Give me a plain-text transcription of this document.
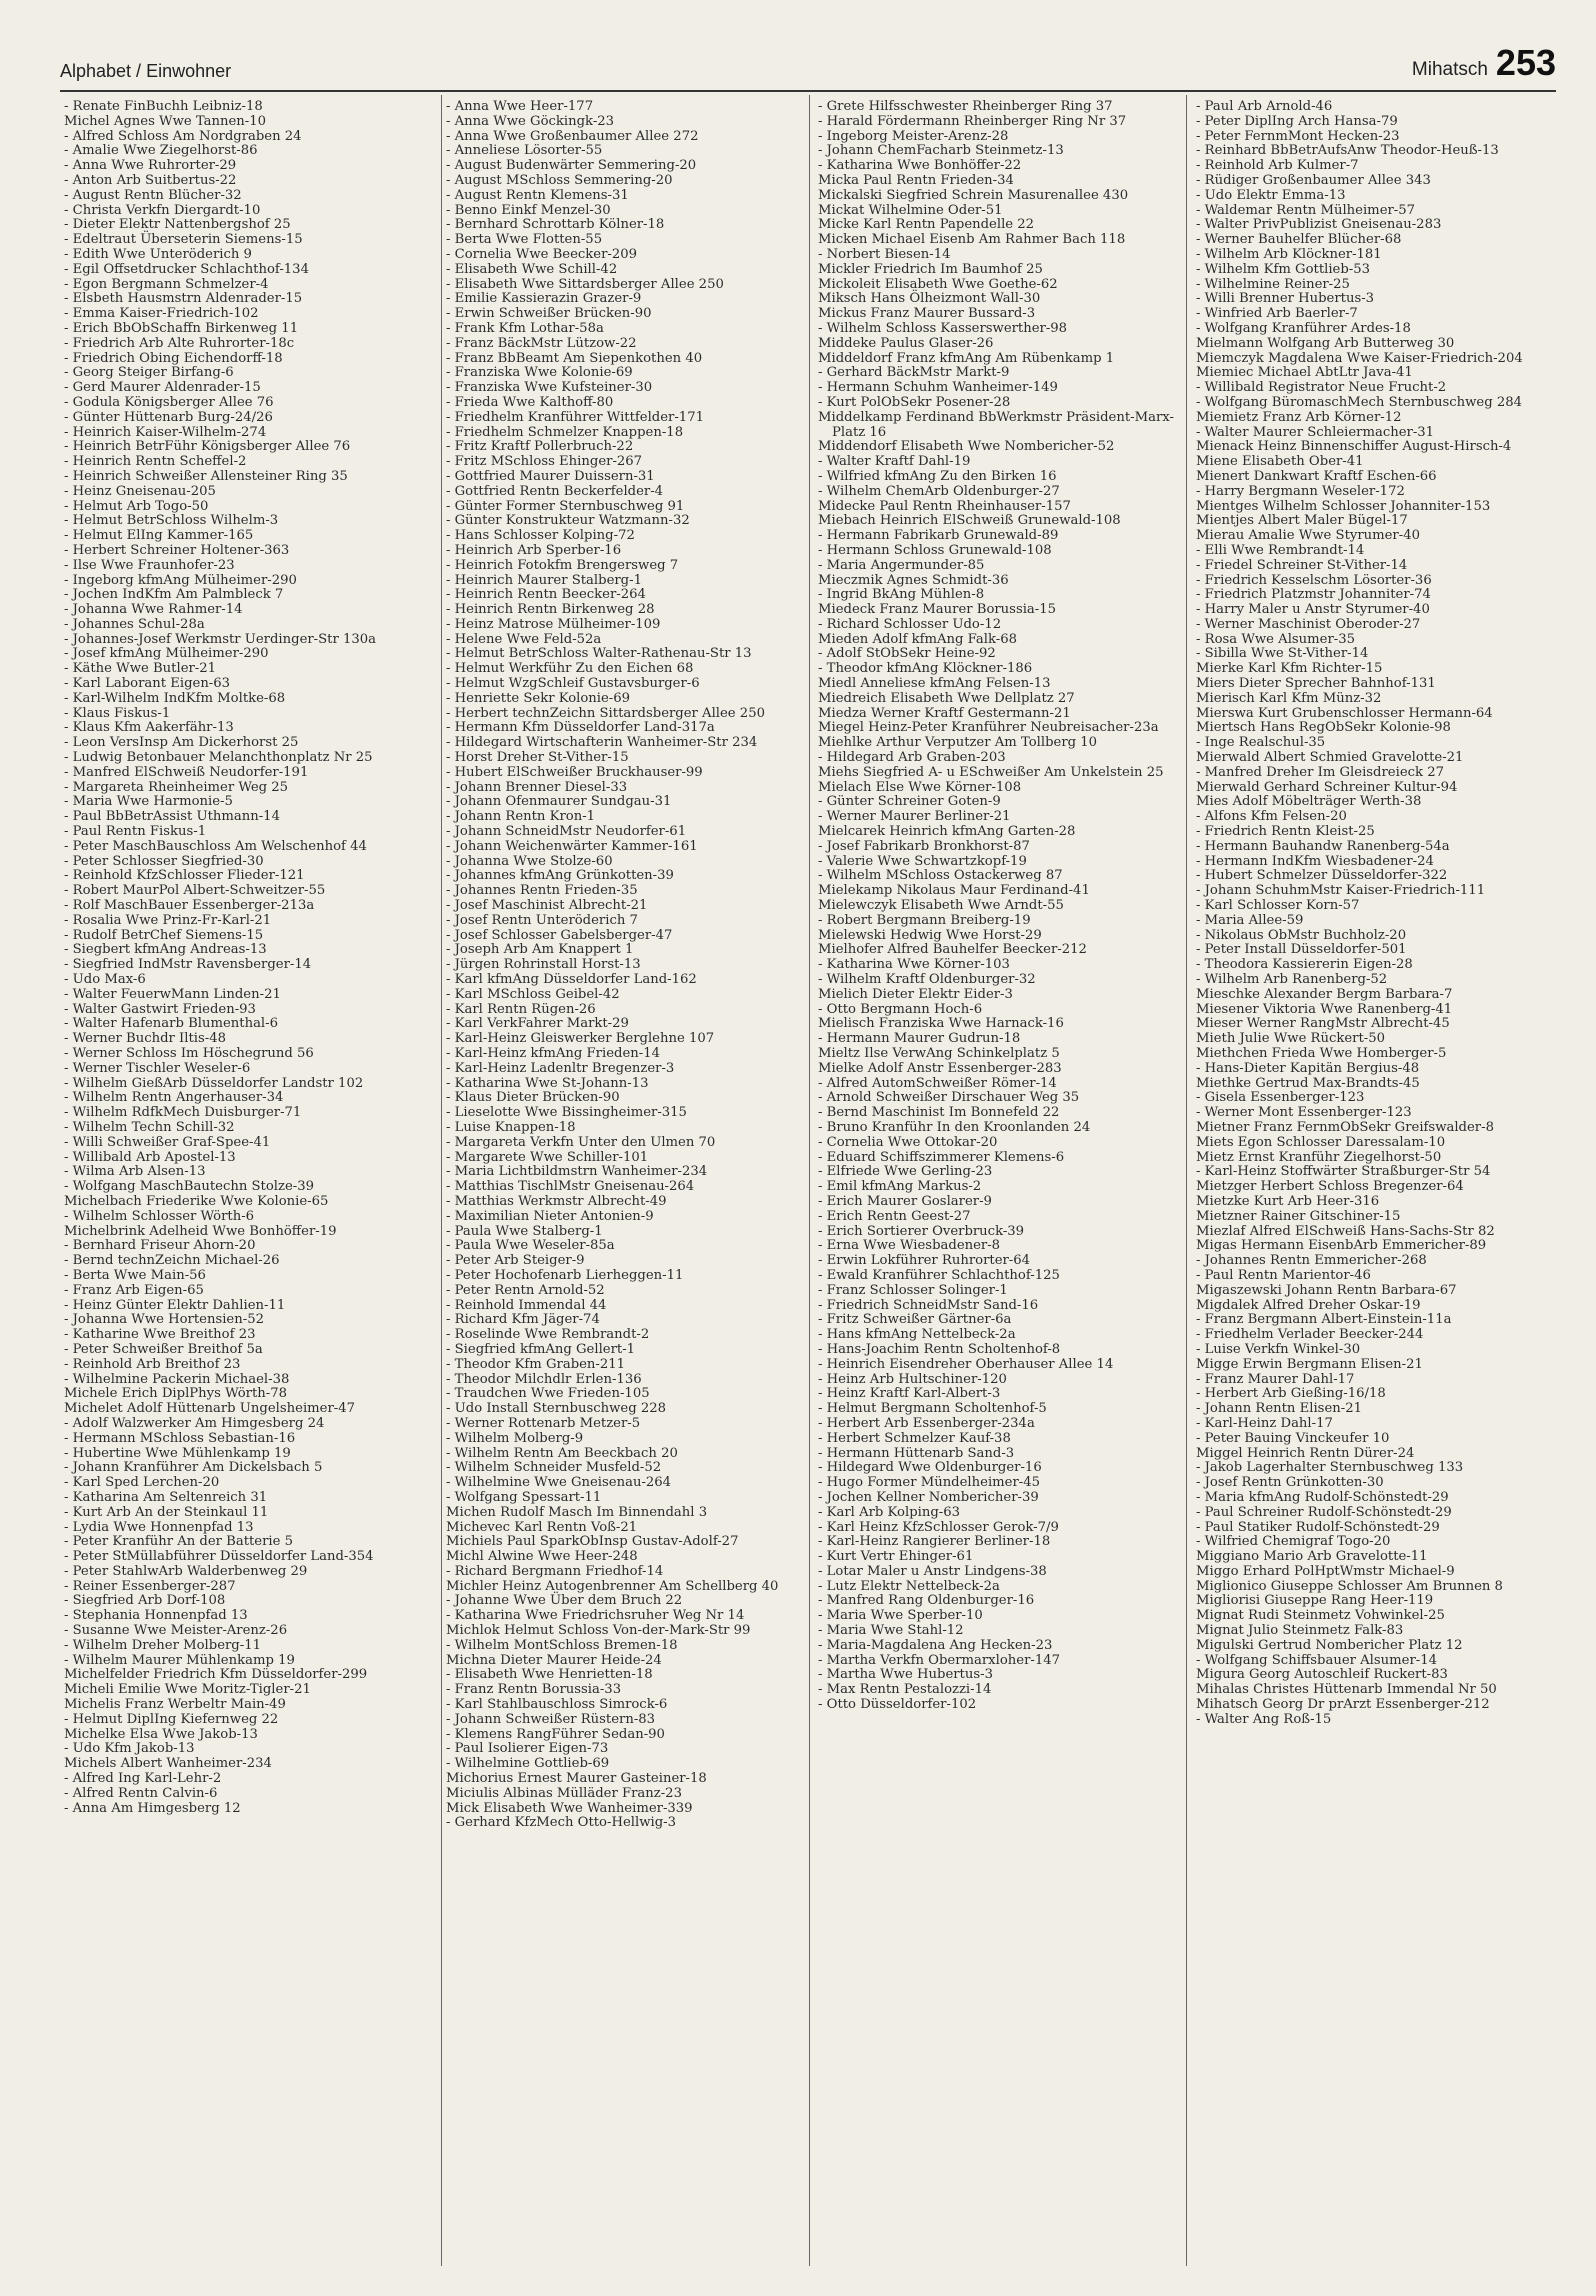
Alphabet / Einwohner	Mihatsch 253
- Renate FinBuchh Leibniz-18
Michel Agnes Wwe Tannen-10
- Alfred Schloss Am Nordgraben 24
- Amalie Wwe Ziegelhorst-86
- Anna Wwe Ruhrorter-29
- Anton Arb Suitbertus-22
- August Rentn Blücher-32
- Christa Verkfn Diergardt-10
- Dieter Elektr Nattenbergshof 25
- Edeltraut Überseterin Siemens-15
- Edith Wwe Unteröderich 9
- Egil Offsetdrucker Schlachthof-134
- Egon Bergmann Schmelzer-4
- Elsbeth Hausmstrn Aldenrader-15
- Emma Kaiser-Friedrich-102
- Erich BbObSchaffn Birkenweg 11
- Friedrich Arb Alte Ruhrorter-18c
- Friedrich Obing Eichendorff-18
- Georg Steiger Birfang-6
- Gerd Maurer Aldenrader-15
- Godula Königsberger Allee 76
- Günter Hüttenarb Burg-24/26
- Heinrich Kaiser-Wilhelm-274
- Heinrich BetrFühr Königsberger Allee 76
- Heinrich Rentn Scheffel-2
- Heinrich Schweißer Allensteiner Ring 35
- Heinz Gneisenau-205
- Helmut Arb Togo-50
- Helmut BetrSchloss Wilhelm-3
- Helmut ElIng Kammer-165
- Herbert Schreiner Holtener-363
- Ilse Wwe Fraunhofer-23
- Ingeborg kfmAng Mülheimer-290
- Jochen IndKfm Am Palmbleck 7
- Johanna Wwe Rahmer-14
- Johannes Schul-28a
- Johannes-Josef Werkmstr Uerdinger-Str 130a
- Josef kfmAng Mülheimer-290
- Käthe Wwe Butler-21
- Karl Laborant Eigen-63
- Karl-Wilhelm IndKfm Moltke-68
- Klaus Fiskus-1
- Klaus Kfm Aakerfähr-13
- Leon VersInsp Am Dickerhorst 25
- Ludwig Betonbauer Melanchthonplatz Nr 25
- Manfred ElSchweiß Neudorfer-191
- Margareta Rheinheimer Weg 25
- Maria Wwe Harmonie-5
- Paul BbBetrAssist Uthmann-14
- Paul Rentn Fiskus-1
- Peter MaschBauschloss Am Welschenhof 44
- Peter Schlosser Siegfried-30
- Reinhold KfzSchlosser Flieder-121
- Robert MaurPol Albert-Schweitzer-55
- Rolf MaschBauer Essenberger-213a
- Rosalia Wwe Prinz-Fr-Karl-21
- Rudolf BetrChef Siemens-15
- Siegbert kfmAng Andreas-13
- Siegfried IndMstr Ravensberger-14
- Udo Max-6
- Walter FeuerwMann Linden-21
- Walter Gastwirt Frieden-93
- Walter Hafenarb Blumenthal-6
- Werner Buchdr Iltis-48
- Werner Schloss Im Höschegrund 56
- Werner Tischler Weseler-6
- Wilhelm GießArb Düsseldorfer Landstr 102
- Wilhelm Rentn Angerhauser-34
- Wilhelm RdfkMech Duisburger-71
- Wilhelm Techn Schill-32
- Willi Schweißer Graf-Spee-41
- Willibald Arb Apostel-13
- Wilma Arb Alsen-13
- Wolfgang MaschBautechn Stolze-39
Michelbach Friederike Wwe Kolonie-65
- Wilhelm Schlosser Wörth-6
Michelbrink Adelheid Wwe Bonhöffer-19
- Bernhard Friseur Ahorn-20
- Bernd technZeichn Michael-26
- Berta Wwe Main-56
- Franz Arb Eigen-65
- Heinz Günter Elektr Dahlien-11
- Johanna Wwe Hortensien-52
- Katharine Wwe Breithof 23
- Peter Schweißer Breithof 5a
- Reinhold Arb Breithof 23
- Wilhelmine Packerin Michael-38
Michele Erich DiplPhys Wörth-78
Michelet Adolf Hüttenarb Ungelsheimer-47
- Adolf Walzwerker Am Himgesberg 24
- Hermann MSchloss Sebastian-16
- Hubertine Wwe Mühlenkamp 19
- Johann Kranführer Am Dickelsbach 5
- Karl Sped Lerchen-20
- Katharina Am Seltenreich 31
- Kurt Arb An der Steinkaul 11
- Lydia Wwe Honnenpfad 13
- Peter Kranführ An der Batterie 5
- Peter StMüllabführer Düsseldorfer Land-354
- Peter StahlwArb Walderbenweg 29
- Reiner Essenberger-287
- Siegfried Arb Dorf-108
- Stephania Honnenpfad 13
- Susanne Wwe Meister-Arenz-26
- Wilhelm Dreher Molberg-11
- Wilhelm Maurer Mühlenkamp 19
Michelfelder Friedrich Kfm Düsseldorfer-299
Micheli Emilie Wwe Moritz-Tigler-21
Michelis Franz Werbeltr Main-49
- Helmut DiplIng Kiefernweg 22
Michelke Elsa Wwe Jakob-13
- Udo Kfm Jakob-13
Michels Albert Wanheimer-234
- Alfred Ing Karl-Lehr-2
- Alfred Rentn Calvin-6
- Anna Am Himgesberg 12
- Anna Wwe Heer-177
- Anna Wwe Göckingk-23
- Anna Wwe Großenbaumer Allee 272
- Anneliese Lösorter-55
- August Budenwärter Semmering-20
- August MSchloss Semmering-20
- August Rentn Klemens-31
- Benno Einkf Menzel-30
- Bernhard Schrottarb Kölner-18
- Berta Wwe Flotten-55
- Cornelia Wwe Beecker-209
- Elisabeth Wwe Schill-42
- Elisabeth Wwe Sittardsberger Allee 250
- Emilie Kassierazin Grazer-9
- Erwin Schweißer Brücken-90
- Frank Kfm Lothar-58a
- Franz BäckMstr Lützow-22
- Franz BbBeamt Am Siepenkothen 40
- Franziska Wwe Kolonie-69
- Franziska Wwe Kufsteiner-30
- Frieda Wwe Kalthoff-80
- Friedhelm Kranführer Wittfelder-171
- Friedhelm Schmelzer Knappen-18
- Fritz Kraftf Pollerbruch-22
- Fritz MSchloss Ehinger-267
- Gottfried Maurer Duissern-31
- Gottfried Rentn Beckerfelder-4
- Günter Former Sternbuschweg 91
- Günter Konstrukteur Watzmann-32
- Hans Schlosser Kolping-72
- Heinrich Arb Sperber-16
- Heinrich Fotokfm Brengersweg 7
- Heinrich Maurer Stalberg-1
- Heinrich Rentn Beecker-264
- Heinrich Rentn Birkenweg 28
- Heinz Matrose Mülheimer-109
- Helene Wwe Feld-52a
- Helmut BetrSchloss Walter-Rathenau-Str 13
- Helmut Werkführ Zu den Eichen 68
- Helmut WzgSchleif Gustavsburger-6
- Henriette Sekr Kolonie-69
- Herbert technZeichn Sittardsberger Allee 250
- Hermann Kfm Düsseldorfer Land-317a
- Hildegard Wirtschafterin Wanheimer-Str 234
- Horst Dreher St-Vither-15
- Hubert ElSchweißer Bruckhauser-99
- Johann Brenner Diesel-33
- Johann Ofenmaurer Sundgau-31
- Johann Rentn Kron-1
- Johann SchneidMstr Neudorfer-61
- Johann Weichenwärter Kammer-161
- Johanna Wwe Stolze-60
- Johannes kfmAng Grünkotten-39
- Johannes Rentn Frieden-35
- Josef Maschinist Albrecht-21
- Josef Rentn Unteröderich 7
- Josef Schlosser Gabelsberger-47
- Joseph Arb Am Knappert 1
- Jürgen Rohrinstall Horst-13
- Karl kfmAng Düsseldorfer Land-162
- Karl MSchloss Geibel-42
- Karl Rentn Rügen-26
- Karl VerkFahrer Markt-29
- Karl-Heinz Gleiswerker Berglehne 107
- Karl-Heinz kfmAng Frieden-14
- Karl-Heinz Ladenltr Bregenzer-3
- Katharina Wwe St-Johann-13
- Klaus Dieter Brücken-90
- Lieselotte Wwe Bissingheimer-315
- Luise Knappen-18
- Margareta Verkfn Unter den Ulmen 70
- Margarete Wwe Schiller-101
- Maria Lichtbildmstrn Wanheimer-234
- Matthias TischlMstr Gneisenau-264
- Matthias Werkmstr Albrecht-49
- Maximilian Nieter Antonien-9
- Paula Wwe Stalberg-1
- Paula Wwe Weseler-85a
- Peter Arb Steiger-9
- Peter Hochofenarb Lierheggen-11
- Peter Rentn Arnold-52
- Reinhold Immendal 44
- Richard Kfm Jäger-74
- Roselinde Wwe Rembrandt-2
- Siegfried kfmAng Gellert-1
- Theodor Kfm Graben-211
- Theodor Milchdlr Erlen-136
- Traudchen Wwe Frieden-105
- Udo Install Sternbuschweg 228
- Werner Rottenarb Metzer-5
- Wilhelm Molberg-9
- Wilhelm Rentn Am Beeckbach 20
- Wilhelm Schneider Musfeld-52
- Wilhelmine Wwe Gneisenau-264
- Wolfgang Spessart-11
Michen Rudolf Masch Im Binnendahl 3
Michevec Karl Rentn Voß-21
Michiels Paul SparkObInsp Gustav-Adolf-27
Michl Alwine Wwe Heer-248
- Richard Bergmann Friedhof-14
Michler Heinz Autogenbrenner Am Schellberg 40
- Johanne Wwe Über dem Bruch 22
- Katharina Wwe Friedrichsruher Weg Nr 14
Michlok Helmut Schloss Von-der-Mark-Str 99
- Wilhelm MontSchloss Bremen-18
Michna Dieter Maurer Heide-24
- Elisabeth Wwe Henrietten-18
- Franz Rentn Borussia-33
- Karl Stahlbauschloss Simrock-6
- Johann Schweißer Rüstern-83
- Klemens RangFührer Sedan-90
- Paul Isolierer Eigen-73
- Wilhelmine Gottlieb-69
Michorius Ernest Maurer Gasteiner-18
Miciulis Albinas Mülläder Franz-23
Mick Elisabeth Wwe Wanheimer-339
- Gerhard KfzMech Otto-Hellwig-3
- Grete Hilfsschwester Rheinberger Ring 37
- Harald Fördermann Rheinberger Ring Nr 37
- Ingeborg Meister-Arenz-28
- Johann ChemFacharb Steinmetz-13
- Katharina Wwe Bonhöffer-22
Micka Paul Rentn Frieden-34
Mickalski Siegfried Schrein Masurenallee 430
Mickat Wilhelmine Oder-51
Micke Karl Rentn Papendelle 22
Micken Michael Eisenb Am Rahmer Bach 118
- Norbert Biesen-14
Mickler Friedrich Im Baumhof 25
Mickoleit Elisabeth Wwe Goethe-62
Miksch Hans Ölheizmont Wall-30
Mickus Franz Maurer Bussard-3
- Wilhelm Schloss Kasserswerther-98
Middeke Paulus Glaser-26
Middeldorf Franz kfmAng Am Rübenkamp 1
- Gerhard BäckMstr Markt-9
- Hermann Schuhm Wanheimer-149
- Kurt PolObSekr Posener-28
Middelkamp Ferdinand BbWerkmstr Präsident-Marx-Platz 16
Middendorf Elisabeth Wwe Nombericher-52
- Walter Kraftf Dahl-19
- Wilfried kfmAng Zu den Birken 16
- Wilhelm ChemArb Oldenburger-27
Midecke Paul Rentn Rheinhauser-157
Miebach Heinrich ElSchweiß Grunewald-108
- Hermann Fabrikarb Grunewald-89
- Hermann Schloss Grunewald-108
- Maria Angermunder-85
Mieczmik Agnes Schmidt-36
- Ingrid BkAng Mühlen-8
Miedeck Franz Maurer Borussia-15
- Richard Schlosser Udo-12
Mieden Adolf kfmAng Falk-68
- Adolf StObSekr Heine-92
- Theodor kfmAng Klöckner-186
Miedl Anneliese kfmAng Felsen-13
Miedreich Elisabeth Wwe Dellplatz 27
Miedza Werner Kraftf Gestermann-21
Miegel Heinz-Peter Kranführer Neubreisacher-23a
Miehlke Arthur Verputzer Am Tollberg 10
- Hildegard Arb Graben-203
Miehs Siegfried A- u ESchweißer Am Unkelstein 25
Mielach Else Wwe Körner-108
- Günter Schreiner Goten-9
- Werner Maurer Berliner-21
Mielcarek Heinrich kfmAng Garten-28
- Josef Fabrikarb Bronkhorst-87
- Valerie Wwe Schwartzkopf-19
- Wilhelm MSchloss Ostackerweg 87
Mielekamp Nikolaus Maur Ferdinand-41
Mielewczyk Elisabeth Wwe Arndt-55
- Robert Bergmann Breiberg-19
Mielewski Hedwig Wwe Horst-29
Mielhofer Alfred Bauhelfer Beecker-212
- Katharina Wwe Körner-103
- Wilhelm Kraftf Oldenburger-32
Mielich Dieter Elektr Eider-3
- Otto Bergmann Hoch-6
Mielisch Franziska Wwe Harnack-16
- Hermann Maurer Gudrun-18
Mieltz Ilse VerwAng Schinkelplatz 5
Mielke Adolf Anstr Essenberger-283
- Alfred AutomSchweißer Römer-14
- Arnold Schweißer Dirschauer Weg 35
- Bernd Maschinist Im Bonnefeld 22
- Bruno Kranführ In den Kroonlanden 24
- Cornelia Wwe Ottokar-20
- Eduard Schiffszimmerer Klemens-6
- Elfriede Wwe Gerling-23
- Emil kfmAng Markus-2
- Erich Maurer Goslarer-9
- Erich Rentn Geest-27
- Erich Sortierer Overbruck-39
- Erna Wwe Wiesbadener-8
- Erwin Lokführer Ruhrorter-64
- Ewald Kranführer Schlachthof-125
- Franz Schlosser Solinger-1
- Friedrich SchneidMstr Sand-16
- Fritz Schweißer Gärtner-6a
- Hans kfmAng Nettelbeck-2a
- Hans-Joachim Rentn Scholtenhof-8
- Heinrich Eisendreher Oberhauser Allee 14
- Heinz Arb Hultschiner-120
- Heinz Kraftf Karl-Albert-3
- Helmut Bergmann Scholtenhof-5
- Herbert Arb Essenberger-234a
- Herbert Schmelzer Kauf-38
- Hermann Hüttenarb Sand-3
- Hildegard Wwe Oldenburger-16
- Hugo Former Mündelheimer-45
- Jochen Kellner Nombericher-39
- Karl Arb Kolping-63
- Karl Heinz KfzSchlosser Gerok-7/9
- Karl-Heinz Rangierer Berliner-18
- Kurt Vertr Ehinger-61
- Lotar Maler u Anstr Lindgens-38
- Lutz Elektr Nettelbeck-2a
- Manfred Rang Oldenburger-16
- Maria Wwe Sperber-10
- Maria Wwe Stahl-12
- Maria-Magdalena Ang Hecken-23
- Martha Verkfn Obermarxloher-147
- Martha Wwe Hubertus-3
- Max Rentn Pestalozzi-14
- Otto Düsseldorfer-102
- Paul Arb Arnold-46
- Peter DiplIng Arch Hansa-79
- Peter FernmMont Hecken-23
- Reinhard BbBetrAufsAnw Theodor-Heuß-13
- Reinhold Arb Kulmer-7
- Rüdiger Großenbaumer Allee 343
- Udo Elektr Emma-13
- Waldemar Rentn Mülheimer-57
- Walter PrivPublizist Gneisenau-283
- Werner Bauhelfer Blücher-68
- Wilhelm Arb Klöckner-181
- Wilhelm Kfm Gottlieb-53
- Wilhelmine Reiner-25
- Willi Brenner Hubertus-3
- Winfried Arb Baerler-7
- Wolfgang Kranführer Ardes-18
Mielmann Wolfgang Arb Butterweg 30
Miemczyk Magdalena Wwe Kaiser-Friedrich-204
Miemiec Michael AbtLtr Java-41
- Willibald Registrator Neue Frucht-2
- Wolfgang BüromaschMech Sternbuschweg 284
Miemietz Franz Arb Körner-12
- Walter Maurer Schleiermacher-31
Mienack Heinz Binnenschiffer August-Hirsch-4
Miene Elisabeth Ober-41
Mienert Dankwart Kraftf Eschen-66
- Harry Bergmann Weseler-172
Mientges Wilhelm Schlosser Johanniter-153
Mientjes Albert Maler Bügel-17
Mierau Amalie Wwe Styrumer-40
- Elli Wwe Rembrandt-14
- Friedel Schreiner St-Vither-14
- Friedrich Kesselschm Lösorter-36
- Friedrich Platzmstr Johanniter-74
- Harry Maler u Anstr Styrumer-40
- Werner Maschinist Oberoder-27
- Rosa Wwe Alsumer-35
- Sibilla Wwe St-Vither-14
Mierke Karl Kfm Richter-15
Miers Dieter Sprecher Bahnhof-131
Mierisch Karl Kfm Münz-32
Mierswa Kurt Grubenschlosser Hermann-64
Miertsch Hans RegObSekr Kolonie-98
- Inge Realschul-35
Mierwald Albert Schmied Gravelotte-21
- Manfred Dreher Im Gleisdreieck 27
Mierwald Gerhard Schreiner Kultur-94
Mies Adolf Möbelträger Werth-38
- Alfons Kfm Felsen-20
- Friedrich Rentn Kleist-25
- Hermann Bauhandw Ranenberg-54a
- Hermann IndKfm Wiesbadener-24
- Hubert Schmelzer Düsseldorfer-322
- Johann SchuhmMstr Kaiser-Friedrich-111
- Karl Schlosser Korn-57
- Maria Allee-59
- Nikolaus ObMstr Buchholz-20
- Peter Install Düsseldorfer-501
- Theodora Kassiererin Eigen-28
- Wilhelm Arb Ranenberg-52
Mieschke Alexander Bergm Barbara-7
Miesener Viktoria Wwe Ranenberg-41
Mieser Werner RangMstr Albrecht-45
Mieth Julie Wwe Rückert-50
Miethchen Frieda Wwe Homberger-5
- Hans-Dieter Kapitän Bergius-48
Miethke Gertrud Max-Brandts-45
- Gisela Essenberger-123
- Werner Mont Essenberger-123
Mietner Franz FernmObSekr Greifswalder-8
Miets Egon Schlosser Daressalam-10
Mietz Ernst Kranführ Ziegelhorst-50
- Karl-Heinz Stoffwärter Straßburger-Str 54
Mietzger Herbert Schloss Bregenzer-64
Mietzke Kurt Arb Heer-316
Mietzner Rainer Gitschiner-15
Miezlaf Alfred ElSchweiß Hans-Sachs-Str 82
Migas Hermann EisenbArb Emmericher-89
- Johannes Rentn Emmericher-268
- Paul Rentn Marientor-46
Migaszewski Johann Rentn Barbara-67
Migdalek Alfred Dreher Oskar-19
- Franz Bergmann Albert-Einstein-11a
- Friedhelm Verlader Beecker-244
- Luise Verkfn Winkel-30
Migge Erwin Bergmann Elisen-21
- Franz Maurer Dahl-17
- Herbert Arb Gießing-16/18
- Johann Rentn Elisen-21
- Karl-Heinz Dahl-17
- Peter Bauing Vinckeufer 10
Miggel Heinrich Rentn Dürer-24
- Jakob Lagerhalter Sternbuschweg 133
- Josef Rentn Grünkotten-30
- Maria kfmAng Rudolf-Schönstedt-29
- Paul Schreiner Rudolf-Schönstedt-29
- Paul Statiker Rudolf-Schönstedt-29
- Wilfried Chemigraf Togo-20
Miggiano Mario Arb Gravelotte-11
Miggo Erhard PolHptWmstr Michael-9
Miglionico Giuseppe Schlosser Am Brunnen 8
Migliorisi Giuseppe Rang Heer-119
Mignat Rudi Steinmetz Vohwinkel-25
Mignat Julio Steinmetz Falk-83
Migulski Gertrud Nombericher Platz 12
- Wolfgang Schiffsbauer Alsumer-14
Migura Georg Autoschleif Ruckert-83
Mihalas Christes Hüttenarb Immendal Nr 50
Mihatsch Georg Dr prArzt Essenberger-212
- Walter Ang Roß-15
